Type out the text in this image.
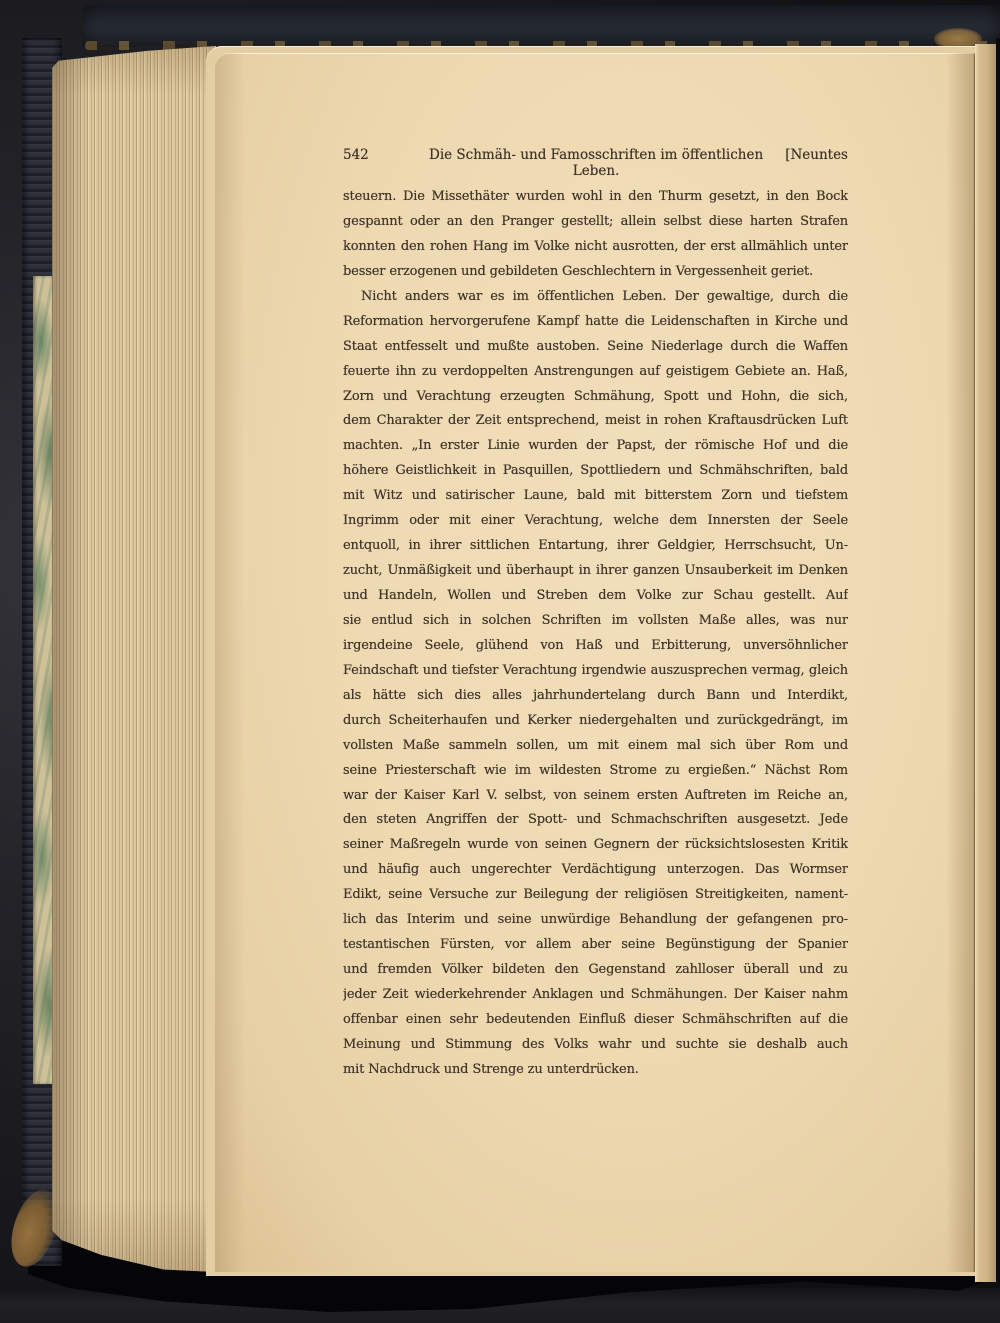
542	Die Schmäh- und Famosschriften im öffentlichen Leben.
[Neuntes
steuern. Die Missethäter wurden wohl in den Thurm gesetzt, in den Bock
gespannt oder an den Pranger gestellt; allein selbst diese harten Strafen
konnten den rohen Hang im Volke nicht ausrotten, der erst allmählich unter
besser erzogenen und gebildeten Geschlechtern in Vergessenheit geriet.
Nicht anders war es im öffentlichen Leben. Der gewaltige, durch die
Reformation hervorgerufene Kampf hatte die Leidenschaften in Kirche und
Staat entfesselt und mußte austoben. Seine Niederlage durch die Waffen
feuerte ihn zu verdoppelten Anstrengungen auf geistigem Gebiete an. Haß,
Zorn und Verachtung erzeugten Schmähung, Spott und Hohn, die sich,
dem Charakter der Zeit entsprechend, meist in rohen Kraftausdrücken Luft
machten. „In erster Linie wurden der Papst, der römische Hof und die
höhere Geistlichkeit in Pasquillen, Spottliedern und Schmähschriften, bald
mit Witz und satirischer Laune, bald mit bitterstem Zorn und tiefstem
Ingrimm oder mit einer Verachtung, welche dem Innersten der Seele
entquoll, in ihrer sittlichen Entartung, ihrer Geldgier, Herrschsucht, Un-
zucht, Unmäßigkeit und überhaupt in ihrer ganzen Unsauberkeit im Denken
und Handeln, Wollen und Streben dem Volke zur Schau gestellt. Auf
sie entlud sich in solchen Schriften im vollsten Maße alles, was nur
irgendeine Seele, glühend von Haß und Erbitterung, unversöhnlicher
Feindschaft und tiefster Verachtung irgendwie auszusprechen vermag, gleich
als hätte sich dies alles jahrhundertelang durch Bann und Interdikt,
durch Scheiterhaufen und Kerker niedergehalten und zurückgedrängt, im
vollsten Maße sammeln sollen, um mit einem mal sich über Rom und
seine Priesterschaft wie im wildesten Strome zu ergießen.“ Nächst Rom
war der Kaiser Karl V. selbst, von seinem ersten Auftreten im Reiche an,
den steten Angriffen der Spott- und Schmachschriften ausgesetzt. Jede
seiner Maßregeln wurde von seinen Gegnern der rücksichtslosesten Kritik
und häufig auch ungerechter Verdächtigung unterzogen. Das Wormser
Edikt, seine Versuche zur Beilegung der religiösen Streitigkeiten, nament-
lich das Interim und seine unwürdige Behandlung der gefangenen pro-
testantischen Fürsten, vor allem aber seine Begünstigung der Spanier
und fremden Völker bildeten den Gegenstand zahlloser überall und zu
jeder Zeit wiederkehrender Anklagen und Schmähungen. Der Kaiser nahm
offenbar einen sehr bedeutenden Einfluß dieser Schmähschriften auf die
Meinung und Stimmung des Volks wahr und suchte sie deshalb auch
mit Nachdruck und Strenge zu unterdrücken.
